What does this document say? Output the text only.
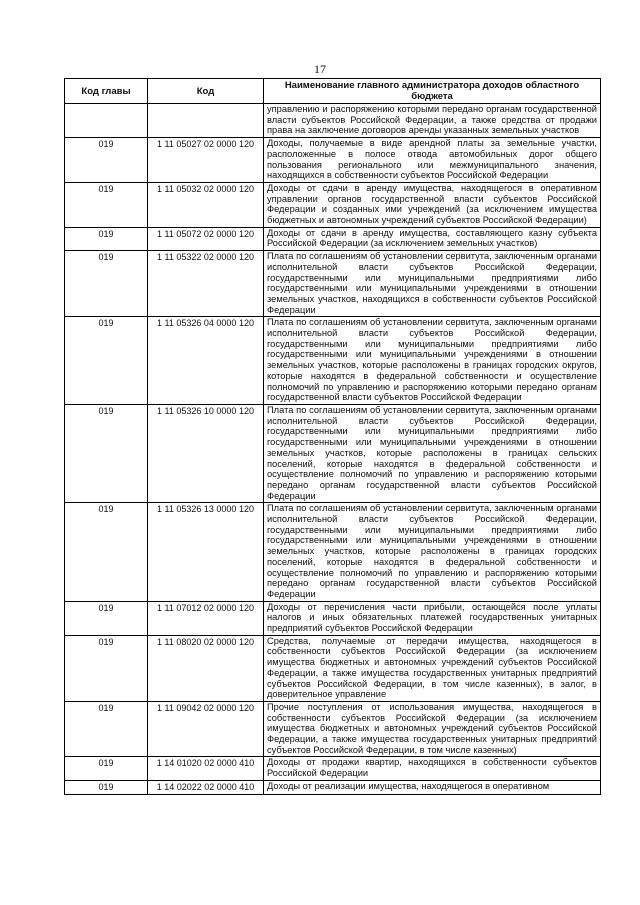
17
Код главы	Код	Наименование главного администратора доходов областного бюджета
		управлению и распоряжению которыми передано органам государственной власти субъектов Российской Федерации, а также средства от продажи права на заключение договоров аренды указанных земельных участков
019	1 11 05027 02 0000 120	Доходы, получаемые в виде арендной платы за земельные участки, расположенные в полосе отвода автомобильных дорог общего пользования регионального или межмуниципального значения, находящихся в собственности субъектов Российской Федерации
019	1 11 05032 02 0000 120	Доходы от сдачи в аренду имущества, находящегося в оперативном управлении органов государственной власти субъектов Российской Федерации и созданных ими учреждений (за исключением имущества бюджетных и автономных учреждений субъектов Российской Федерации)
019	1 11 05072 02 0000 120	Доходы от сдачи в аренду имущества, составляющего казну субъекта Российской Федерации (за исключением земельных участков)
019	1 11 05322 02 0000 120	Плата по соглашениям об установлении сервитута, заключенным органами исполнительной власти субъектов Российской Федерации, государственными или муниципальными предприятиями либо государственными или муниципальными учреждениями в отношении земельных участков, находящихся в собственности субъектов Российской Федерации
019	1 11 05326 04 0000 120	Плата по соглашениям об установлении сервитута, заключенным органами исполнительной власти субъектов Российской Федерации, государственными или муниципальными предприятиями либо государственными или муниципальными учреждениями в отношении земельных участков, которые расположены в границах городских округов, которые находятся в федеральной собственности и осуществление полномочий по управлению и распоряжению которыми передано органам государственной власти субъектов Российской Федерации
019	1 11 05326 10 0000 120	Плата по соглашениям об установлении сервитута, заключенным органами исполнительной власти субъектов Российской Федерации, государственными или муниципальными предприятиями либо государственными или муниципальными учреждениями в отношении земельных участков, которые расположены в границах сельских поселений, которые находятся в федеральной собственности и осуществление полномочий по управлению и распоряжению которыми передано органам государственной власти субъектов Российской Федерации
019	1 11 05326 13 0000 120	Плата по соглашениям об установлении сервитута, заключенным органами исполнительной власти субъектов Российской Федерации, государственными или муниципальными предприятиями либо государственными или муниципальными учреждениями в отношении земельных участков, которые расположены в границах городских поселений, которые находятся в федеральной собственности и осуществление полномочий по управлению и распоряжению которыми передано органам государственной власти субъектов Российской Федерации
019	1 11 07012 02 0000 120	Доходы от перечисления части прибыли, остающейся после уплаты налогов и иных обязательных платежей государственных унитарных предприятий субъектов Российской Федерации
019	1 11 08020 02 0000 120	Средства, получаемые от передачи имущества, находящегося в собственности субъектов Российской Федерации (за исключением имущества бюджетных и автономных учреждений субъектов Российской Федерации, а также имущества государственных унитарных предприятий субъектов Российской Федерации, в том числе казенных), в залог, в доверительное управление
019	1 11 09042 02 0000 120	Прочие поступления от использования имущества, находящегося в собственности субъектов Российской Федерации (за исключением имущества бюджетных и автономных учреждений субъектов Российской Федерации, а также имущества государственных унитарных предприятий субъектов Российской Федерации, в том числе казенных)
019	1 14 01020 02 0000 410	Доходы от продажи квартир, находящихся в собственности субъектов Российской Федерации
019	1 14 02022 02 0000 410	Доходы от реализации имущества, находящегося в оперативном
